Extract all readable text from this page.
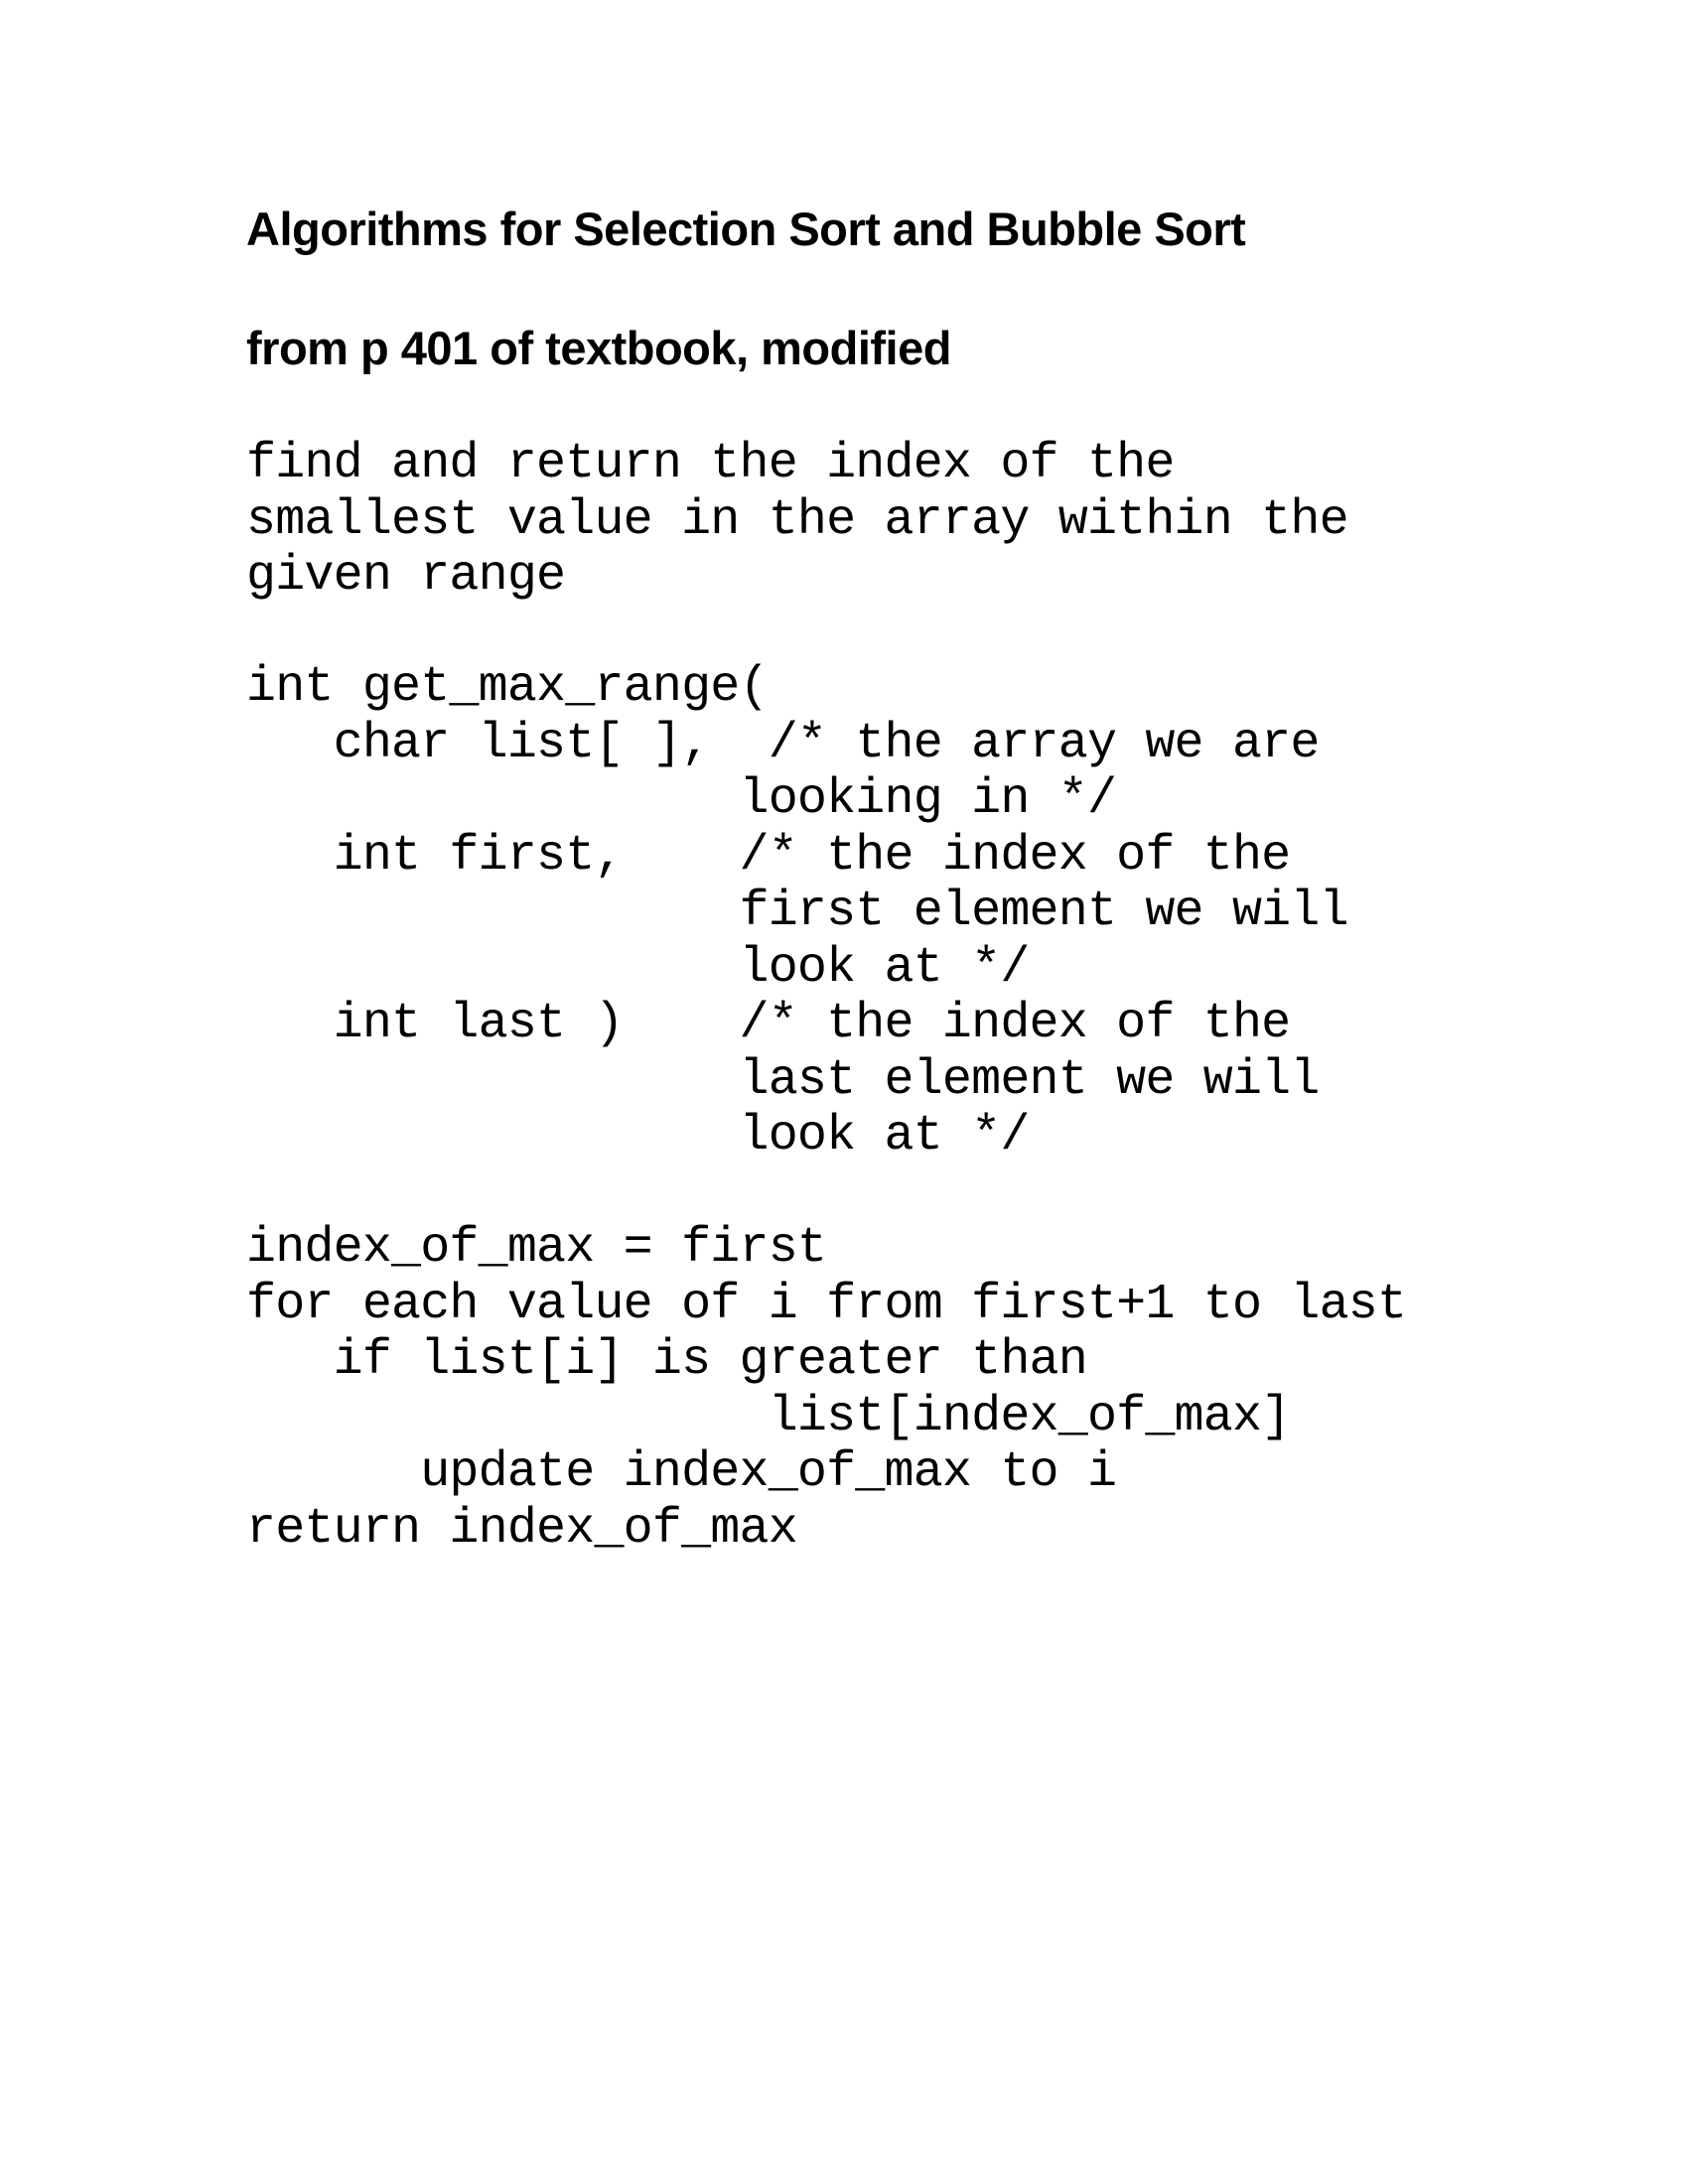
Algorithms for Selection Sort and Bubble Sort
from p 401 of textbook, modified
find and return the index of the
smallest value in the array within the
given range
int get_max_range(
char list[ ],  /* the array we are
looking in */
int first,    /* the index of the
first element we will
look at */
int last )    /* the index of the
last element we will
look at */
index_of_max = first
for each value of i from first+1 to last
if list[i] is greater than
list[index_of_max]
update index_of_max to i
return index_of_max
